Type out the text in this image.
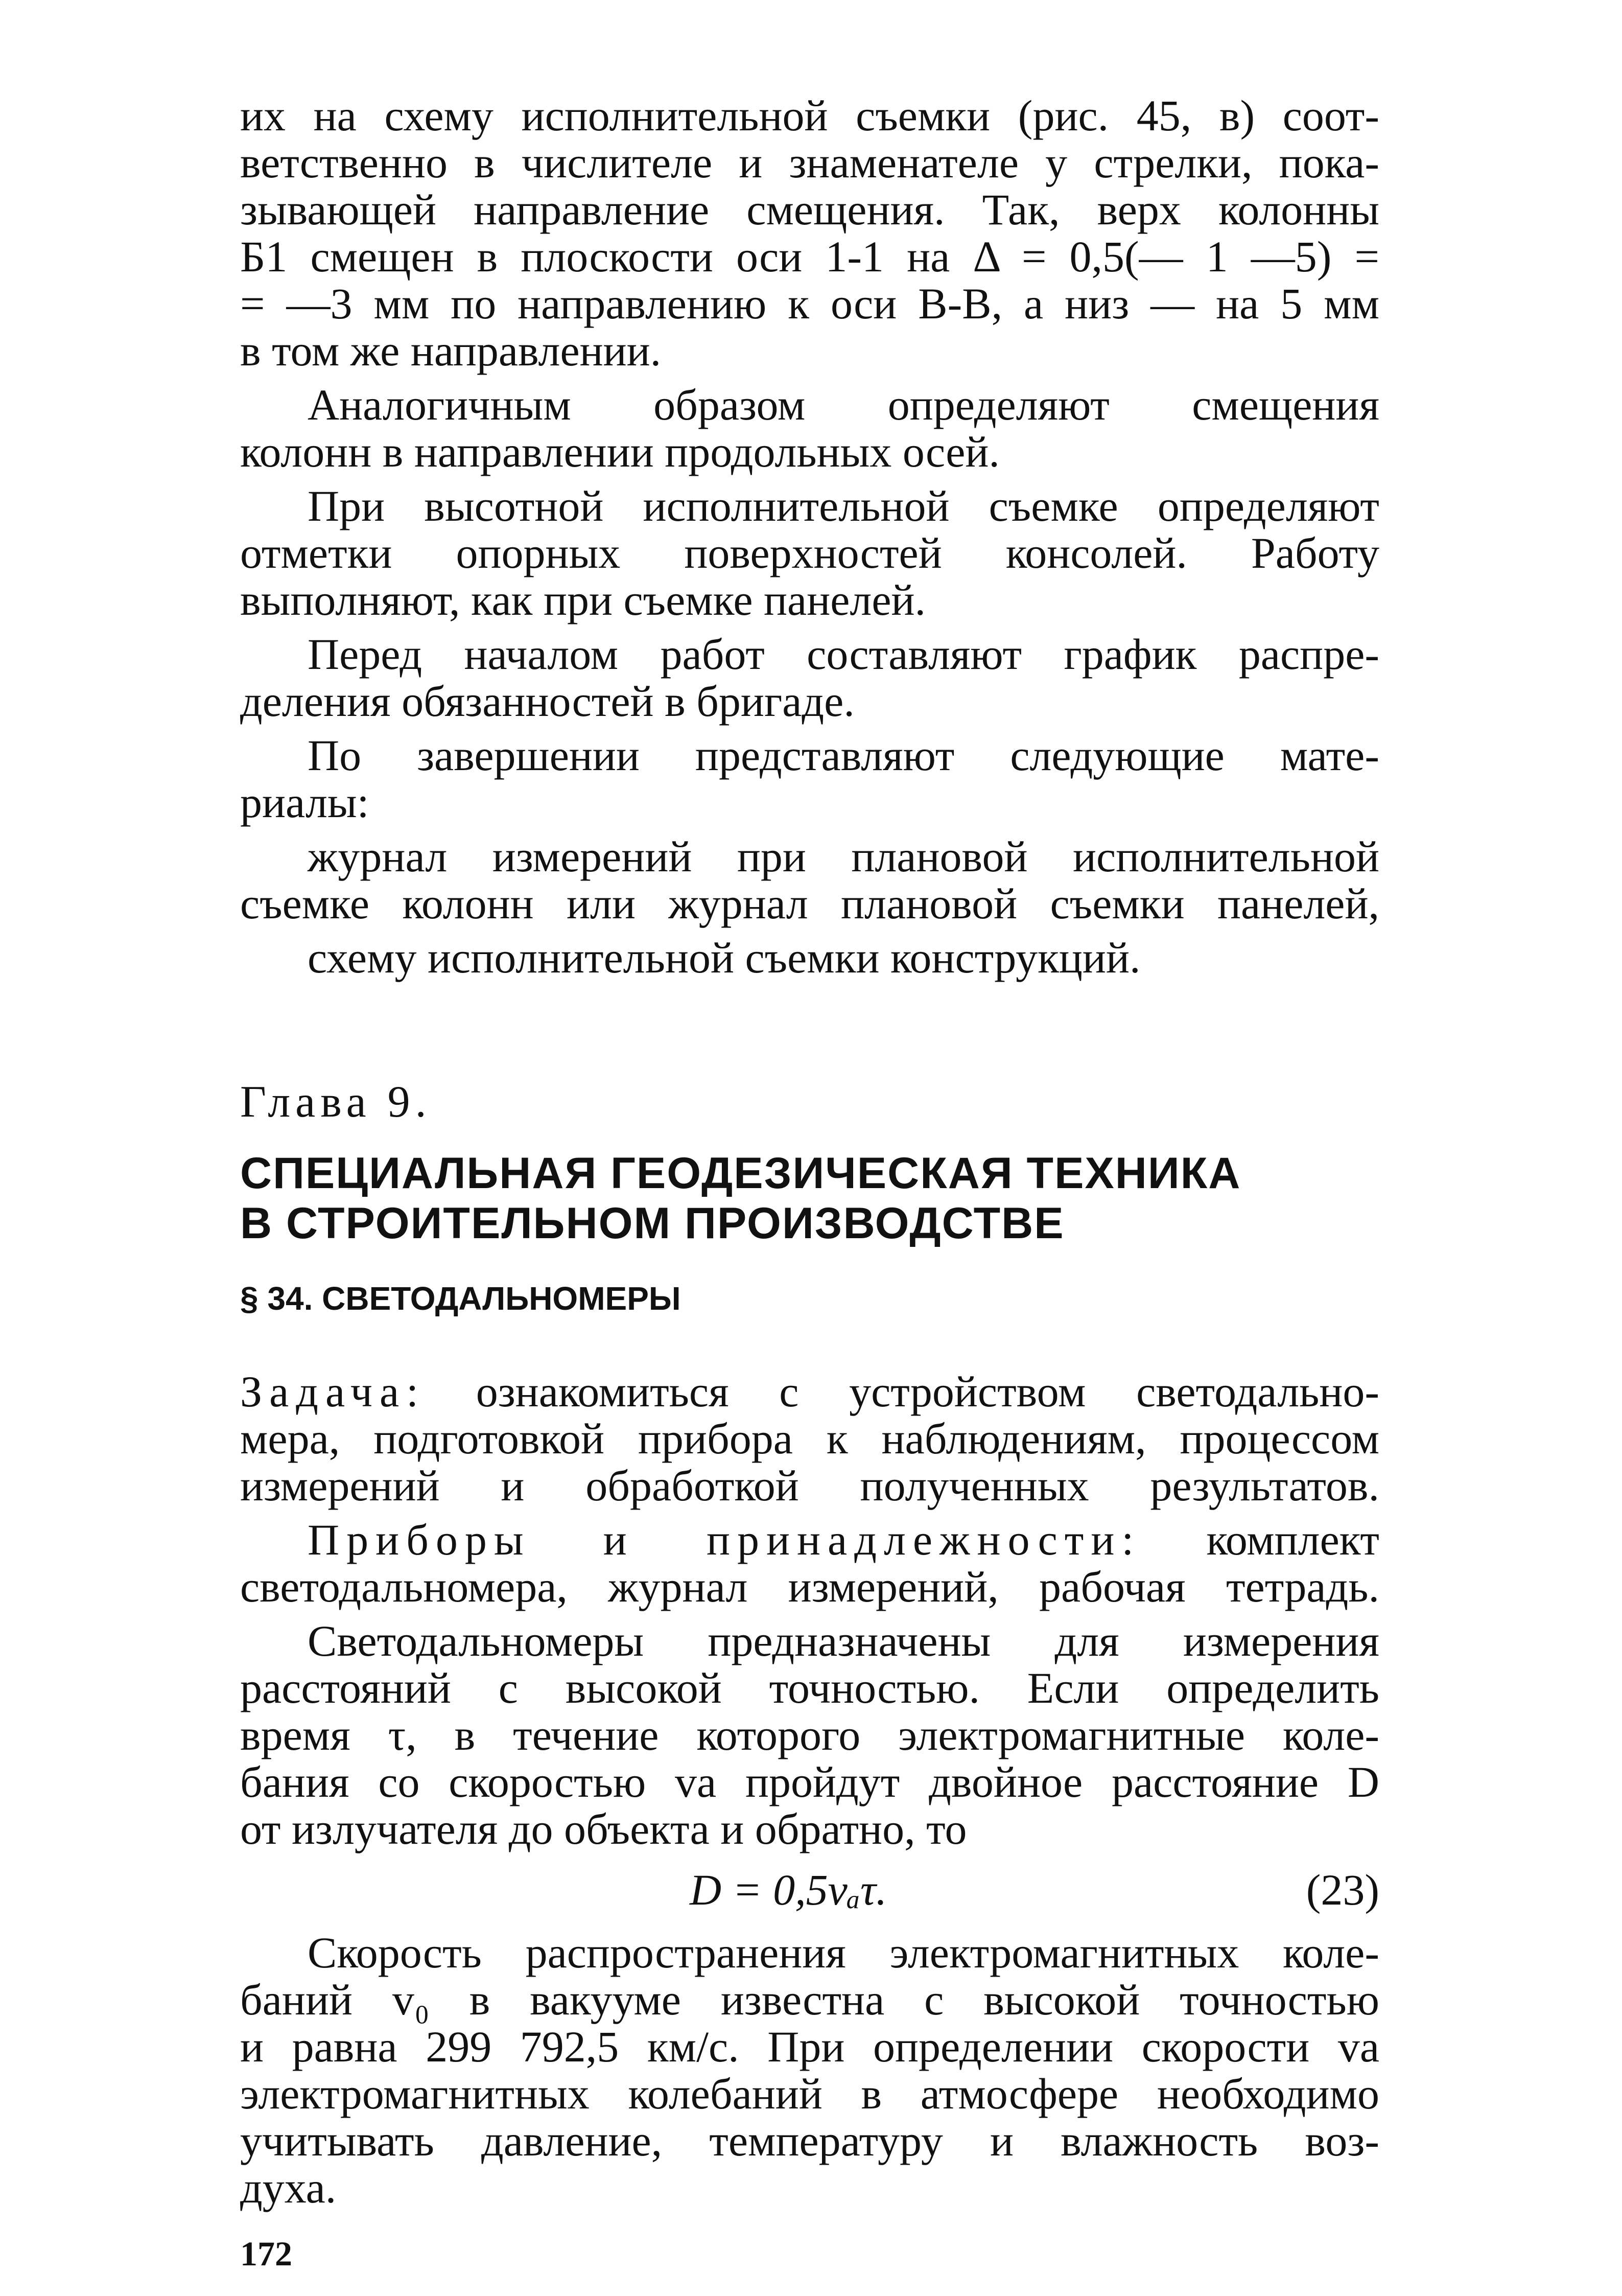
их на схему исполнительной съемки (рис. 45, в) соот-
ветственно в числителе и знаменателе у стрелки, пока-
зывающей направление смещения. Так, верх колонны
Б1 смещен в плоскости оси 1-1 на Δ = 0,5(— 1 —5) =
= —3 мм по направлению к оси В-В, а низ — на 5 мм
в том же направлении.
Аналогичным образом определяют смещения
колонн в направлении продольных осей.
При высотной исполнительной съемке определяют
отметки опорных поверхностей консолей. Работу
выполняют, как при съемке панелей.
Перед началом работ составляют график распре-
деления обязанностей в бригаде.
По завершении представляют следующие мате-
риалы:
журнал измерений при плановой исполнительной
съемке колонн или журнал плановой съемки панелей,
схему исполнительной съемки конструкций.
Глава 9.
СПЕЦИАЛЬНАЯ ГЕОДЕЗИЧЕСКАЯ ТЕХНИКА
В СТРОИТЕЛЬНОМ ПРОИЗВОДСТВЕ
§ 34. СВЕТОДАЛЬНОМЕРЫ
Задача: ознакомиться с устройством светодально-
мера, подготовкой прибора к наблюдениям, процессом
измерений и обработкой полученных результатов.
Приборы и принадлежности: комплект
светодальномера, журнал измерений, рабочая тетрадь.
Светодальномеры предназначены для измерения
расстояний с высокой точностью. Если определить
время τ, в течение которого электромагнитные коле-
бания со скоростью vа пройдут двойное расстояние D
от излучателя до объекта и обратно, то
D = 0,5vₐτ.	(23)
Скорость распространения электромагнитных коле-
баний v₀ в вакууме известна с высокой точностью
и равна 299 792,5 км/с. При определении скорости vа
электромагнитных колебаний в атмосфере необходимо
учитывать давление, температуру и влажность воз-
духа.
172
